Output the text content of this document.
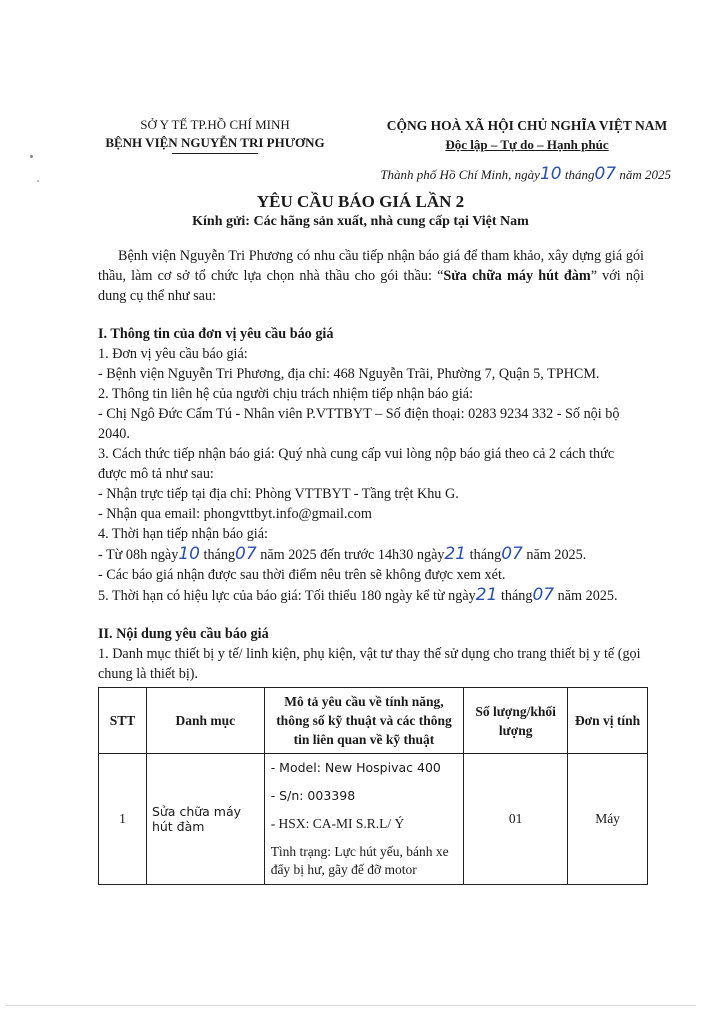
SỞ Y TẾ TP.HỒ CHÍ MINH
BỆNH VIỆN NGUYỄN TRI PHƯƠNG
CỘNG HOÀ XÃ HỘI CHỦ NGHĨA VIỆT NAM
Độc lập – Tự do – Hạnh phúc
Thành phố Hồ Chí Minh, ngày10 tháng07 năm 2025
YÊU CẦU BÁO GIÁ LẦN 2
Kính gửi: Các hãng sản xuất, nhà cung cấp tại Việt Nam

Bệnh viện Nguyễn Tri Phương có nhu cầu tiếp nhận báo giá để tham khảo, xây dựng giá gói thầu, làm cơ sở tổ chức lựa chọn nhà thầu cho gói thầu: “Sửa chữa máy hút đàm” với nội dung cụ thể như sau:

I. Thông tin của đơn vị yêu cầu báo giá

1. Đơn vị yêu cầu báo giá:

- Bệnh viện Nguyễn Tri Phương, địa chỉ: 468 Nguyễn Trãi, Phường 7, Quận 5, TPHCM.

2. Thông tin liên hệ của người chịu trách nhiệm tiếp nhận báo giá:

- Chị Ngô Đức Cẩm Tú - Nhân viên P.VTTBYT – Số điện thoại: 0283 9234 332 - Số nội bộ 2040.

3. Cách thức tiếp nhận báo giá: Quý nhà cung cấp vui lòng nộp báo giá theo cả 2 cách thức được mô tả như sau:

- Nhận trực tiếp tại địa chỉ: Phòng VTTBYT - Tầng trệt Khu G.

- Nhận qua email: phongvttbyt.info@gmail.com

4. Thời hạn tiếp nhận báo giá:

- Từ 08h ngày10 tháng07 năm 2025 đến trước 14h30 ngày21 tháng07 năm 2025.

- Các báo giá nhận được sau thời điểm nêu trên sẽ không được xem xét.

5. Thời hạn có hiệu lực của báo giá: Tối thiểu 180 ngày kể từ ngày21 tháng07 năm 2025.

II. Nội dung yêu cầu báo giá

1. Danh mục thiết bị y tế/ linh kiện, phụ kiện, vật tư thay thế sử dụng cho trang thiết bị y tế (gọi chung là thiết bị).

STT	Danh mục	Mô tả yêu cầu về tính năng, thông số kỹ thuật và các thông tin liên quan về kỹ thuật	Số lượng/khối lượng	Đơn vị tính
1	Sửa chữa máy hút đàm	- Model: New Hospivac 400
- S/n: 003398
- HSX: CA-MI S.R.L/ Ý
Tình trạng: Lực hút yếu, bánh xe đẩy bị hư, gãy đế đỡ motor	01	Máy
